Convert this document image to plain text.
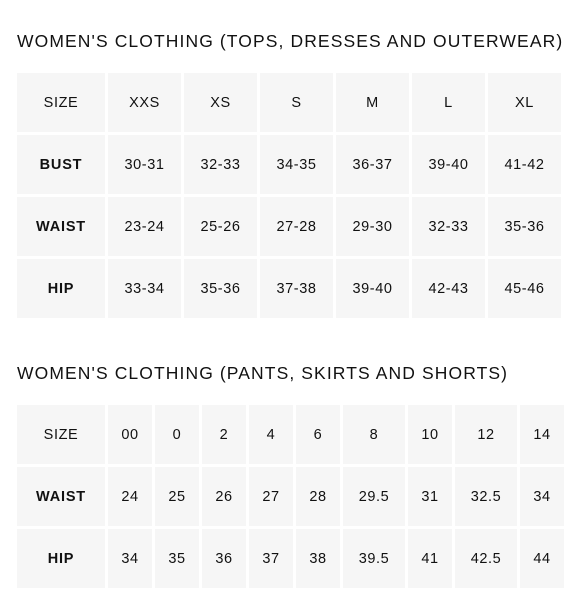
WOMEN'S CLOTHING (TOPS, DRESSES AND OUTERWEAR)
SIZE	XXS	XS	S	M	L	XL
BUST	30-31	32-33	34-35	36-37	39-40	41-42
WAIST	23-24	25-26	27-28	29-30	32-33	35-36
HIP	33-34	35-36	37-38	39-40	42-43	45-46
WOMEN'S CLOTHING (PANTS, SKIRTS AND SHORTS)
SIZE	00	0	2	4	6	8	10	12	14
WAIST	24	25	26	27	28	29.5	31	32.5	34
HIP	34	35	36	37	38	39.5	41	42.5	44
